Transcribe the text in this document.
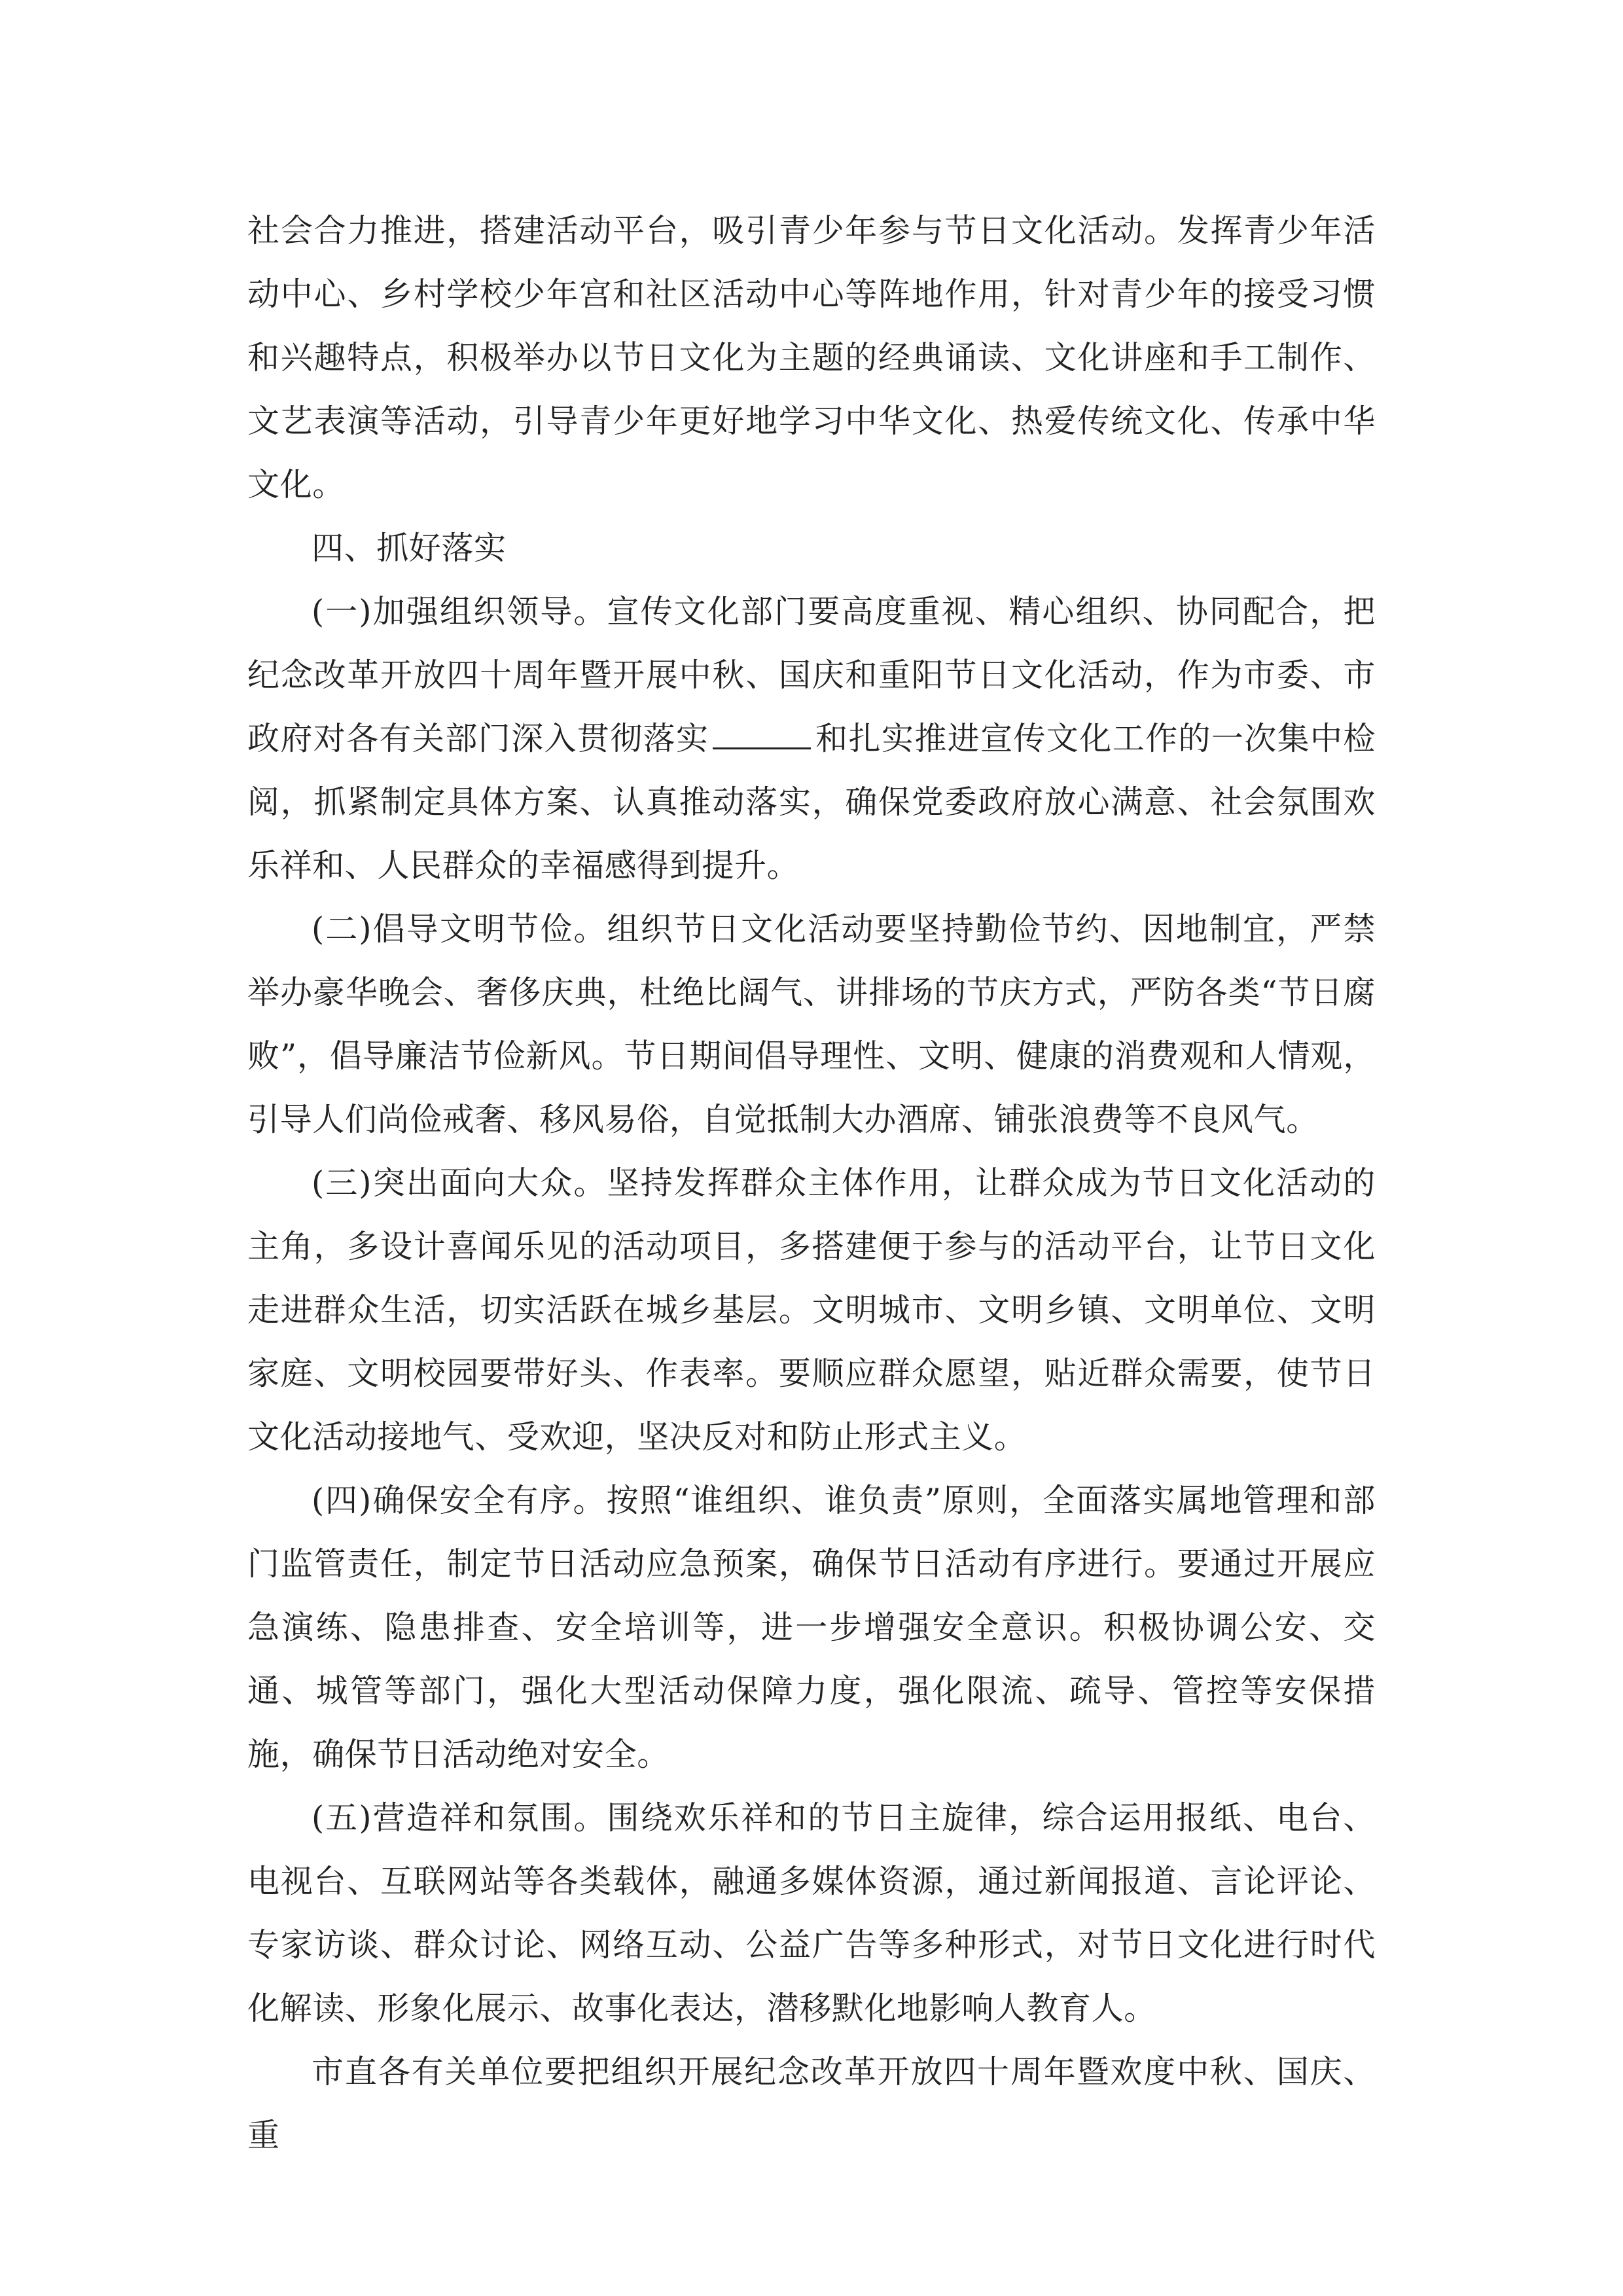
社会合力推进，搭建活动平台，吸引青少年参与节日文化活动。发挥青少年活动中心、乡村学校少年宫和社区活动中心等阵地作用，针对青少年的接受习惯和兴趣特点，积极举办以节日文化为主题的经典诵读、文化讲座和手工制作、文艺表演等活动，引导青少年更好地学习中华文化、热爱传统文化、传承中华文化。

四、抓好落实

(一)加强组织领导。宣传文化部门要高度重视、精心组织、协同配合，把纪念改革开放四十周年暨开展中秋、国庆和重阳节日文化活动，作为市委、市政府对各有关部门深入贯彻落实	和扎实推进宣传文化工作的一次集中检阅，抓紧制定具体方案、认真推动落实，确保党委政府放心满意、社会氛围欢乐祥和、人民群众的幸福感得到提升。

(二)倡导文明节俭。组织节日文化活动要坚持勤俭节约、因地制宜，严禁举办豪华晚会、奢侈庆典，杜绝比阔气、讲排场的节庆方式，严防各类“节日腐败”，倡导廉洁节俭新风。节日期间倡导理性、文明、健康的消费观和人情观，引导人们尚俭戒奢、移风易俗，自觉抵制大办酒席、铺张浪费等不良风气。

(三)突出面向大众。坚持发挥群众主体作用，让群众成为节日文化活动的主角，多设计喜闻乐见的活动项目，多搭建便于参与的活动平台，让节日文化走进群众生活，切实活跃在城乡基层。文明城市、文明乡镇、文明单位、文明家庭、文明校园要带好头、作表率。要顺应群众愿望，贴近群众需要，使节日文化活动接地气、受欢迎，坚决反对和防止形式主义。

(四)确保安全有序。按照“谁组织、谁负责”原则，全面落实属地管理和部门监管责任，制定节日活动应急预案，确保节日活动有序进行。要通过开展应急演练、隐患排查、安全培训等，进一步增强安全意识。积极协调公安、交通、城管等部门，强化大型活动保障力度，强化限流、疏导、管控等安保措施，确保节日活动绝对安全。

(五)营造祥和氛围。围绕欢乐祥和的节日主旋律，综合运用报纸、电台、电视台、互联网站等各类载体，融通多媒体资源，通过新闻报道、言论评论、专家访谈、群众讨论、网络互动、公益广告等多种形式，对节日文化进行时代化解读、形象化展示、故事化表达，潜移默化地影响人教育人。

市直各有关单位要把组织开展纪念改革开放四十周年暨欢度中秋、国庆、重
